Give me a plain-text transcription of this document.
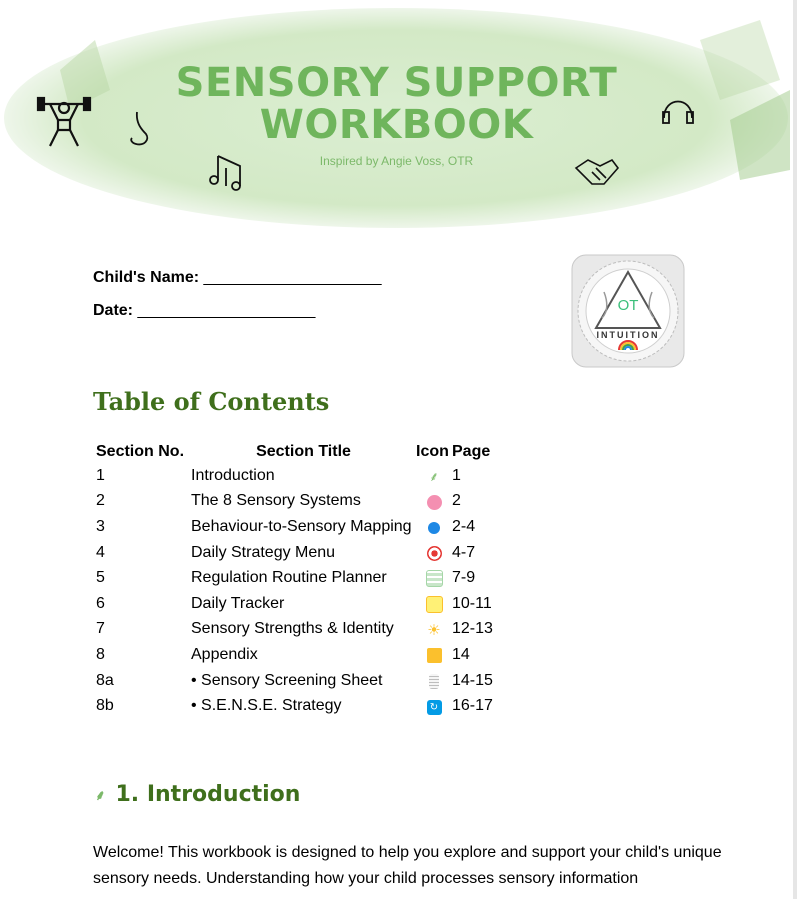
SENSORY SUPPORT
WORKBOOK
Inspired by Angie Voss, OTR
Child's Name: ____________________
Date: ____________________	OT
INTUITION
Table of Contents
Section No.	Section Title	Icon	Page
1	Introduction	⸙	1
2	The 8 Sensory Systems		2
3	Behaviour-to-Sensory Mapping		2-4
4	Daily Strategy Menu		4-7
5	Regulation Routine Planner		7-9
6	Daily Tracker		10-11
7	Sensory Strengths & Identity	☀	12-13
8	Appendix		14
8a	• Sensory Screening Sheet		14-15
8b	• S.E.N.S.E. Strategy	↻	16-17
⸙ 1. Introduction

Welcome! This workbook is designed to help you explore and support your child's unique sensory needs. Understanding how your child processes sensory information
